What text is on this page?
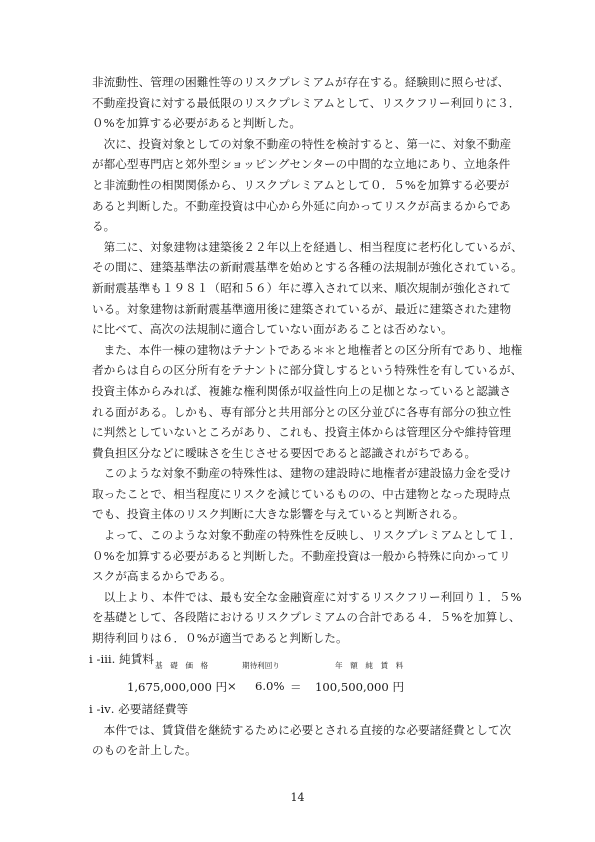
非流動性、管理の困難性等のリスクプレミアムが存在する。経験則に照らせば、
不動産投資に対する最低限のリスクプレミアムとして、リスクフリー利回りに３．
０%を加算する必要があると判断した。
　次に、投資対象としての対象不動産の特性を検討すると、第一に、対象不動産
が都心型専門店と郊外型ショッピングセンターの中間的な立地にあり、立地条件
と非流動性の相関関係から、リスクプレミアムとして０．５%を加算する必要が
あると判断した。不動産投資は中心から外延に向かってリスクが高まるからであ
る。
　第二に、対象建物は建築後２２年以上を経過し、相当程度に老朽化しているが、
その間に、建築基準法の新耐震基準を始めとする各種の法規制が強化されている。
新耐震基準も１９８１（昭和５６）年に導入されて以来、順次規制が強化されて
いる。対象建物は新耐震基準適用後に建築されているが、最近に建築された建物
に比べて、高次の法規制に適合していない面があることは否めない。
　また、本件一棟の建物はテナントである＊＊と地権者との区分所有であり、地権
者からは自らの区分所有をテナントに部分貸しするという特殊性を有しているが、
投資主体からみれば、複雑な権利関係が収益性向上の足枷となっていると認識さ
れる面がある。しかも、専有部分と共用部分との区分並びに各専有部分の独立性
に判然としていないところがあり、これも、投資主体からは管理区分や維持管理
費負担区分などに曖昧さを生じさせる要因であると認識されがちである。
　このような対象不動産の特殊性は、建物の建設時に地権者が建設協力金を受け
取ったことで、相当程度にリスクを減じているものの、中古建物となった現時点
でも、投資主体のリスク判断に大きな影響を与えていると判断される。
　よって、このような対象不動産の特殊性を反映し、リスクプレミアムとして１．
０%を加算する必要があると判断した。不動産投資は一般から特殊に向かってリ
スクが高まるからである。
　以上より、本件では、最も安全な金融資産に対するリスクフリー利回り１．５%
を基礎として、各段階におけるリスクプレミアムの合計である４．５%を加算し、
期待利回りは６．０%が適当であると判断した。
i -ⅲ. 純賃料 基　礎　価　格	期待利回り	年　額　純　賃　料
1,675,000,000 円 × 6.0% ＝ 100,500,000 円
i -ⅳ. 必要諸経費等
　本件では、賃貸借を継続するために必要とされる直接的な必要諸経費として次
のものを計上した。
14
